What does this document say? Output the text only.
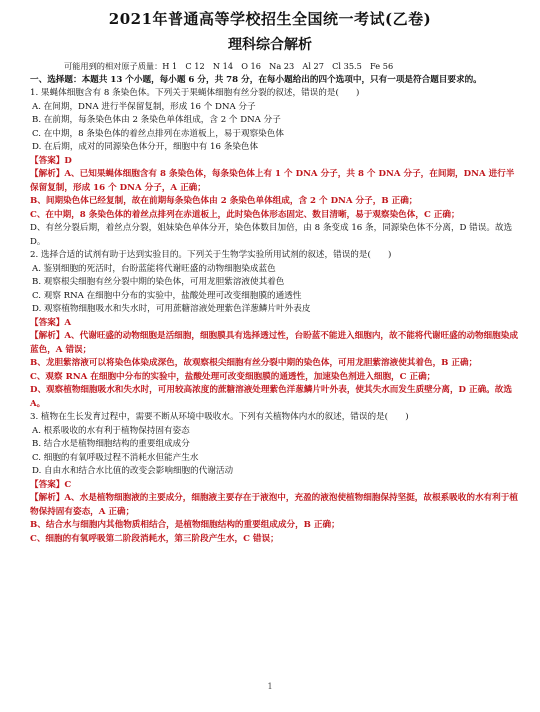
2021年普通高等学校招生全国统一考试(乙卷)
理科综合解析

可能用到的相对原子质量：H 1　C 12　N 14　O 16　Na 23　Al 27　Cl 35.5　Fe 56

一、选择题：本题共 13 个小题，每小题 6 分，共 78 分，在每小题给出的四个选项中，只有一项是符合题目要求的。

1. 果蝇体细胞含有 8 条染色体。下列关于果蝇体细胞有丝分裂的叙述，错误的是(　　)

A. 在间期，DNA 进行半保留复制，形成 16 个 DNA 分子

B. 在前期，每条染色体由 2 条染色单体组成，含 2 个 DNA 分子

C. 在中期，8 条染色体的着丝点排列在赤道板上，易于观察染色体

D. 在后期，成对的同源染色体分开，细胞中有 16 条染色体

【答案】D

【解析】A、已知果蝇体细胞含有 8 条染色体，每条染色体上有 1 个 DNA 分子，共 8 个 DNA 分子，在间期，DNA 进行半保留复制，形成 16 个 DNA 分子，A 正确；

B、间期染色体已经复制，故在前期每条染色体由 2 条染色单体组成，含 2 个 DNA 分子，B 正确；

C、在中期，8 条染色体的着丝点排列在赤道板上，此时染色体形态固定、数目清晰，易于观察染色体，C 正确；

D、有丝分裂后期，着丝点分裂，姐妹染色单体分开，染色体数目加倍，由 8 条变成 16 条，同源染色体不分离，D 错误。故选 D。

2. 选择合适的试剂有助于达到实验目的。下列关于生物学实验所用试剂的叙述，错误的是(　　)

A. 鉴别细胞的死活时，台盼蓝能将代谢旺盛的动物细胞染成蓝色

B. 观察根尖细胞有丝分裂中期的染色体，可用龙胆紫溶液使其着色

C. 观察 RNA 在细胞中分布的实验中，盐酸处理可改变细胞膜的通透性

D. 观察植物细胞吸水和失水时，可用蔗糖溶液处理紫色洋葱鳞片叶外表皮

【答案】A

【解析】A、代谢旺盛的动物细胞是活细胞，细胞膜具有选择透过性，台盼蓝不能进入细胞内，故不能将代谢旺盛的动物细胞染成蓝色，A 错误；

B、龙胆紫溶液可以将染色体染成深色，故观察根尖细胞有丝分裂中期的染色体，可用龙胆紫溶液使其着色，B 正确；

C、观察 RNA 在细胞中分布的实验中，盐酸处理可改变细胞膜的通透性，加速染色剂进入细胞，C 正确；

D、观察植物细胞吸水和失水时，可用较高浓度的蔗糖溶液处理紫色洋葱鳞片叶外表，使其失水而发生质壁分离，D 正确。故选 A。

3. 植物在生长发育过程中，需要不断从环境中吸收水。下列有关植物体内水的叙述，错误的是(　　)

A. 根系吸收的水有利于植物保持固有姿态

B. 结合水是植物细胞结构的重要组成成分

C. 细胞的有氧呼吸过程不消耗水但能产生水

D. 自由水和结合水比值的改变会影响细胞的代谢活动

【答案】C

【解析】A、水是植物细胞液的主要成分，细胞液主要存在于液泡中，充盈的液泡使植物细胞保持坚挺，故根系吸收的水有利于植物保持固有姿态，A 正确；

B、结合水与细胞内其他物质相结合，是植物细胞结构的重要组成成分，B 正确；

C、细胞的有氧呼吸第二阶段消耗水，第三阶段产生水，C 错误；

1
